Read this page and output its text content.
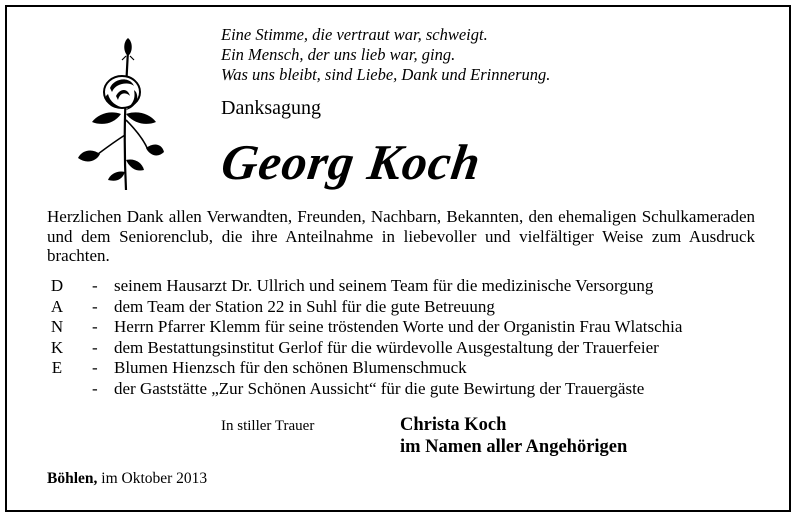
Eine Stimme, die vertraut war, schweigt.
Ein Mensch, der uns lieb war, ging.
Was uns bleibt, sind Liebe, Dank und Erinnerung.
Danksagung
Georg Koch

Herzlichen Dank allen Verwandten, Freunden, Nachbarn, Bekannten, den ehemaligen Schulkameraden und dem Seniorenclub, die ihre Anteilnahme in liebevoller und vielfältiger Weise zum Ausdruck brachten.

D
A
N
K
E
- seinem Hausarzt Dr. Ullrich und seinem Team für die medizinische Versorgung
- dem Team der Station 22 in Suhl für die gute Betreuung
- Herrn Pfarrer Klemm für seine tröstenden Worte und der Organistin Frau Wlatschia
- dem Bestattungsinstitut Gerlof für die würdevolle Ausgestaltung der Trauerfeier
- Blumen Hienzsch für den schönen Blumenschmuck
- der Gaststätte „Zur Schönen Aussicht“ für die gute Bewirtung der Trauergäste
In stiller Trauer	Christa Koch
im Namen aller Angehörigen
Böhlen, im Oktober 2013
